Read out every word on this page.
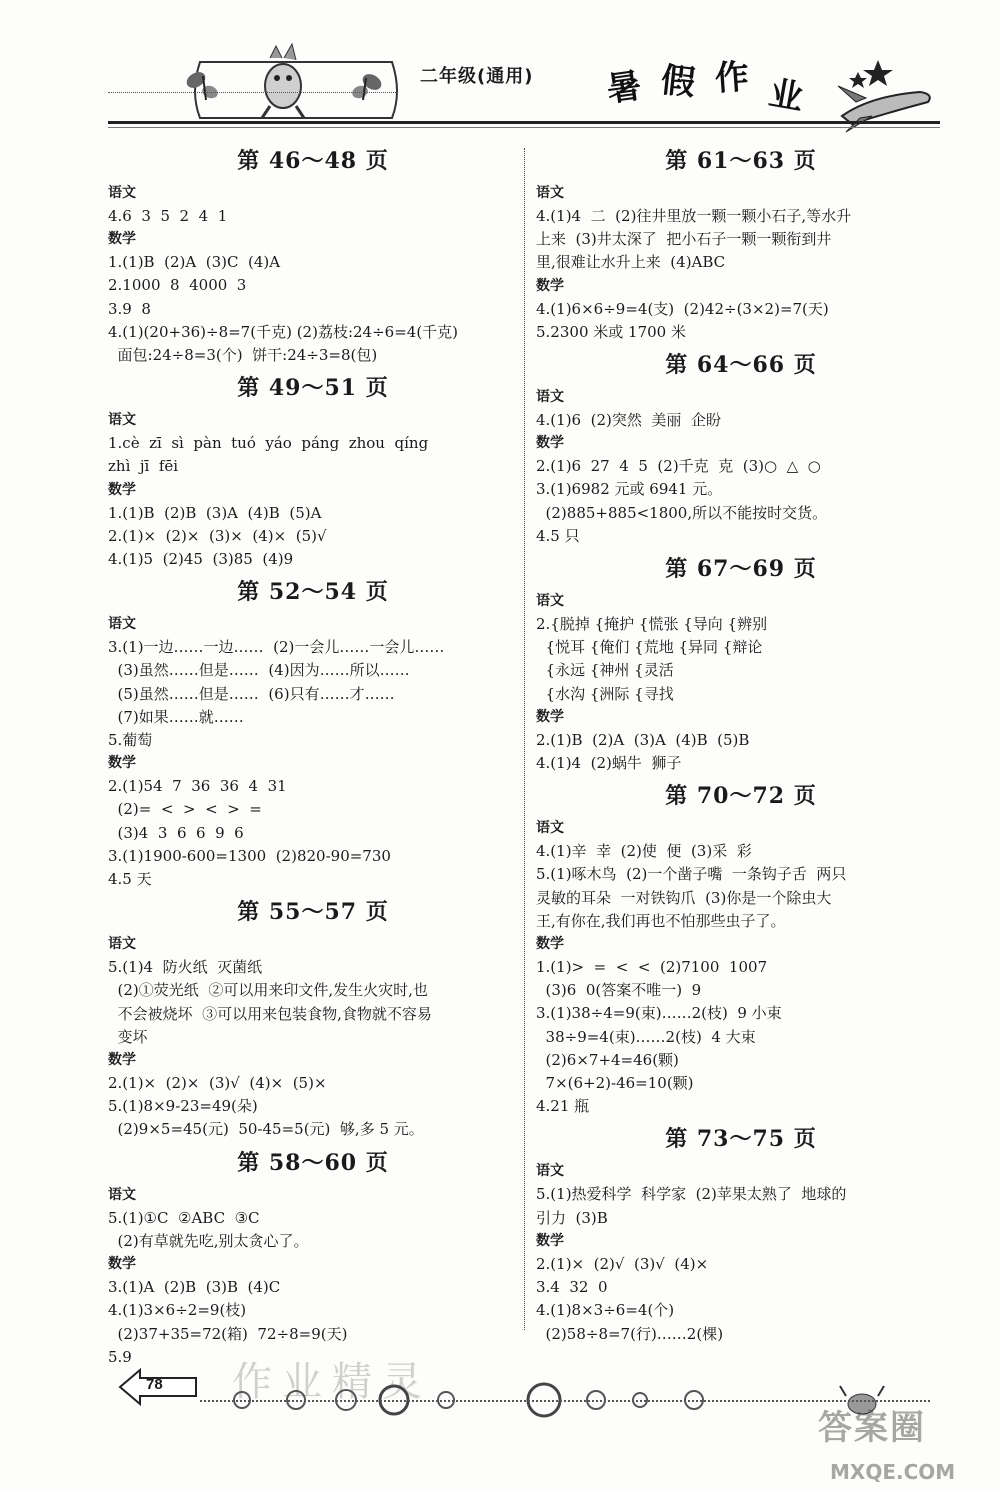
二年级(通用) 暑 假 作 业
第 46～48 页
语文
4.6  3  5  2  4  1
数学
1.(1)B  (2)A  (3)C  (4)A
2.1000  8  4000  3
3.9  8
4.(1)(20+36)÷8=7(千克) (2)荔枝:24÷6=4(千克)
面包:24÷8=3(个)  饼干:24÷3=8(包)
第 49～51 页
语文
1.cè  zī  sì  pàn  tuó  yáo  páng  zhou  qíng
zhì  jī  fēi
数学
1.(1)B  (2)B  (3)A  (4)B  (5)A
2.(1)×  (2)×  (3)×  (4)×  (5)√
4.(1)5  (2)45  (3)85  (4)9
第 52～54 页
语文
3.(1)一边……一边……  (2)一会儿……一会儿……
(3)虽然……但是……  (4)因为……所以……
(5)虽然……但是……  (6)只有……才……
(7)如果……就……
5.葡萄
数学
2.(1)54  7  36  36  4  31
(2)=  <  >  <  >  =
(3)4  3  6  6  9  6
3.(1)1900-600=1300  (2)820-90=730
4.5 天
第 55～57 页
语文
5.(1)4  防火纸  灭菌纸
(2)①荧光纸  ②可以用来印文件,发生火灾时,也
不会被烧坏  ③可以用来包装食物,食物就不容易
变坏
数学
2.(1)×  (2)×  (3)√  (4)×  (5)×
5.(1)8×9-23=49(朵)
(2)9×5=45(元)  50-45=5(元)  够,多 5 元。
第 58～60 页
语文
5.(1)①C  ②ABC  ③C
(2)有草就先吃,别太贪心了。
数学
3.(1)A  (2)B  (3)B  (4)C
4.(1)3×6÷2=9(枝)
(2)37+35=72(箱)  72÷8=9(天)
5.9
第 61～63 页
语文
4.(1)4  二  (2)往井里放一颗一颗小石子,等水升
上来  (3)井太深了  把小石子一颗一颗衔到井
里,很难让水升上来  (4)ABC
数学
4.(1)6×6÷9=4(支)  (2)42÷(3×2)=7(天)
5.2300 米或 1700 米
第 64～66 页
语文
4.(1)6  (2)突然  美丽  企盼
数学
2.(1)6  27  4  5  (2)千克  克  (3)○  △  ○
3.(1)6982 元或 6941 元。
(2)885+885<1800,所以不能按时交货。
4.5 只
第 67～69 页
语文
2.{脱掉 {掩护 {慌张 {导向 {辨别
{悦耳 {俺们 {荒地 {异同 {辩论
{永远 {神州 {灵活
{水沟 {洲际 {寻找
数学
2.(1)B  (2)A  (3)A  (4)B  (5)B
4.(1)4  (2)蜗牛  狮子
第 70～72 页
语文
4.(1)辛  幸  (2)使  便  (3)采  彩
5.(1)啄木鸟  (2)一个凿子嘴  一条钩子舌  两只
灵敏的耳朵  一对铁钩爪  (3)你是一个除虫大
王,有你在,我们再也不怕那些虫子了。
数学
1.(1)>  =  <  <  (2)7100  1007
(3)6  0(答案不唯一)  9
3.(1)38÷4=9(束)……2(枝)  9 小束
38÷9=4(束)……2(枝)  4 大束
(2)6×7+4=46(颗)
7×(6+2)-46=10(颗)
4.21 瓶
第 73～75 页
语文
5.(1)热爱科学  科学家  (2)苹果太熟了  地球的
引力  (3)B
数学
2.(1)×  (2)√  (3)√  (4)×
3.4  32  0
4.(1)8×3÷6=4(个)
(2)58÷8=7(行)……2(棵)
78 作业精灵
答案圈
MXQE.COM
